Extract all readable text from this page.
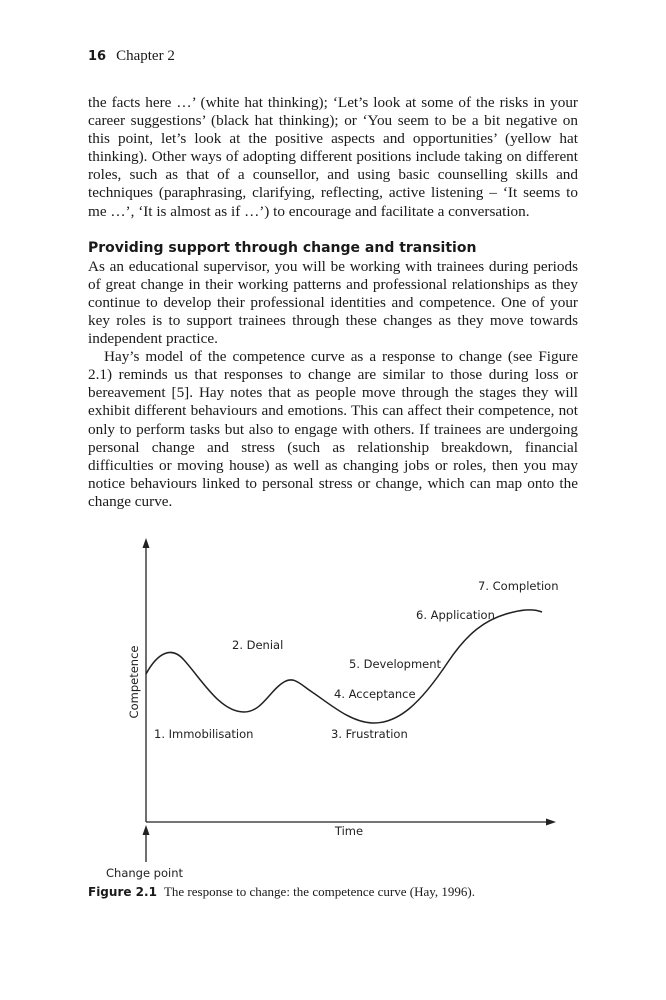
16 Chapter 2

the facts here …’ (white hat thinking); ‘Let’s look at some of the risks in your career suggestions’ (black hat thinking); or ‘You seem to be a bit negative on this point, let’s look at the positive aspects and opportunities’ (yellow hat thinking). Other ways of adopting different positions include taking on different roles, such as that of a counsellor, and using basic counselling skills and techniques (paraphrasing, clarifying, reflecting, active listening – ‘It seems to me …’, ‘It is almost as if …’) to encourage and facilitate a conversation.

Providing support through change and transition

As an educational supervisor, you will be working with trainees during periods of great change in their working patterns and professional relationships as they continue to develop their professional identities and competence. One of your key roles is to support trainees through these changes as they move towards independent practice.

Hay’s model of the competence curve as a response to change (see Figure 2.1) reminds us that responses to change are similar to those during loss or bereavement [5]. Hay notes that as people move through the stages they will exhibit different behaviours and emotions. This can affect their competence, not only to perform tasks but also to engage with others. If trainees are undergoing personal change and stress (such as relationship breakdown, financial difficulties or moving house) as well as changing jobs or roles, then you may notice behaviours linked to personal stress or change, which can map onto the change curve.

Competence
Time
Change point
1. Immobilisation
2. Denial
3. Frustration
4. Acceptance
5. Development
6. Application
7. Completion
Figure 2.1 The response to change: the competence curve (Hay, 1996).
